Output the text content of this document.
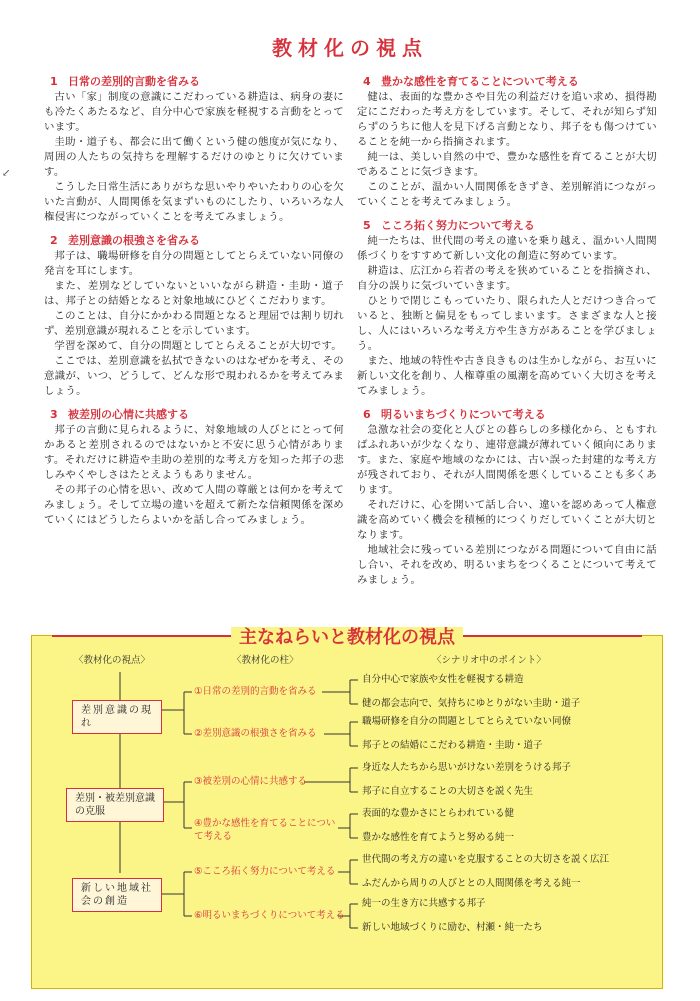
教材化の視点
↙
1 日常の差別的言動を省みる

古い「家」制度の意識にこだわっている耕造は、病身の妻にも冷たくあたるなど、自分中心で家族を軽視する言動をとっています。

圭助・道子も、都会に出て働くという健の態度が気になり、周囲の人たちの気持ちを理解するだけのゆとりに欠けています。

こうした日常生活にありがちな思いやりやいたわりの心を欠いた言動が、人間関係を気まずいものにしたり、いろいろな人権侵害につながっていくことを考えてみましょう。

2 差別意識の根強さを省みる

邦子は、職場研修を自分の問題としてとらえていない同僚の発言を耳にします。

また、差別などしていないといいながら耕造・圭助・道子は、邦子との結婚となると対象地域にひどくこだわります。

このことは、自分にかかわる問題となると理屈では割り切れず、差別意識が現れることを示しています。

学習を深めて、自分の問題としてとらえることが大切です。

ここでは、差別意識を払拭できないのはなぜかを考え、その意識が、いつ、どうして、どんな形で現われるかを考えてみましょう。

3 被差別の心情に共感する

邦子の言動に見られるように、対象地域の人びとにとって何かあると差別されるのではないかと不安に思う心情があります。それだけに耕造や圭助の差別的な考え方を知った邦子の悲しみやくやしさはたとえようもありません。

その邦子の心情を思い、改めて人間の尊厳とは何かを考えてみましょう。そして立場の違いを超えて新たな信頼関係を深めていくにはどうしたらよいかを話し合ってみましょう。

4 豊かな感性を育てることについて考える

健は、表面的な豊かさや目先の利益だけを追い求め、損得勘定にこだわった考え方をしています。そして、それが知らず知らずのうちに他人を見下げる言動となり、邦子をも傷つけていることを純一から指摘されます。

純一は、美しい自然の中で、豊かな感性を育てることが大切であることに気づきます。

このことが、温かい人間関係をきずき、差別解消につながっていくことを考えてみましょう。

5 こころ拓く努力について考える

純一たちは、世代間の考えの違いを乗り越え、温かい人間関係づくりをすすめて新しい文化の創造に努めています。

耕造は、広江から若者の考えを狭めていることを指摘され、自分の誤りに気づいていきます。

ひとりで閉じこもっていたり、限られた人とだけつき合っていると、独断と偏見をもってしまいます。さまざまな人と接し、人にはいろいろな考え方や生き方があることを学びましょう。

また、地域の特性や古き良きものは生かしながら、お互いに新しい文化を創り、人権尊重の風潮を高めていく大切さを考えてみましょう。

6 明るいまちづくりについて考える

急激な社会の変化と人びとの暮らしの多様化から、ともすればふれあいが少なくなり、連帯意識が薄れていく傾向にあります。また、家庭や地域のなかには、古い誤った封建的な考え方が残されており、それが人間関係を悪くしていることも多くあります。

それだけに、心を開いて話し合い、違いを認めあって人権意識を高めていく機会を積極的につくりだしていくことが大切となります。

地域社会に残っている差別につながる問題について自由に話し合い、それを改め、明るいまちをつくることについて考えてみましょう。

主なねらいと教材化の視点
〈教材化の視点〉	〈教材化の柱〉	〈シナリオ中のポイント〉
差別意識の現れ
差別・被差別意識の克服
新しい地域社会の創造
①日常の差別的言動を省みる
②差別意識の根強さを省みる
③被差別の心情に共感する
④豊かな感性を育てることについて考える
⑤こころ拓く努力について考える
⑥明るいまちづくりについて考える
自分中心で家族や女性を軽視する耕造
健の都会志向で、気持ちにゆとりがない圭助・道子
職場研修を自分の問題としてとらえていない同僚
邦子との結婚にこだわる耕造・圭助・道子
身近な人たちから思いがけない差別をうける邦子
邦子に自立することの大切さを説く先生
表面的な豊かさにとらわれている健
豊かな感性を育てようと努める純一
世代間の考え方の違いを克服することの大切さを説く広江
ふだんから周りの人びととの人間関係を考える純一
純一の生き方に共感する邦子
新しい地域づくりに励む、村瀬・純一たち
